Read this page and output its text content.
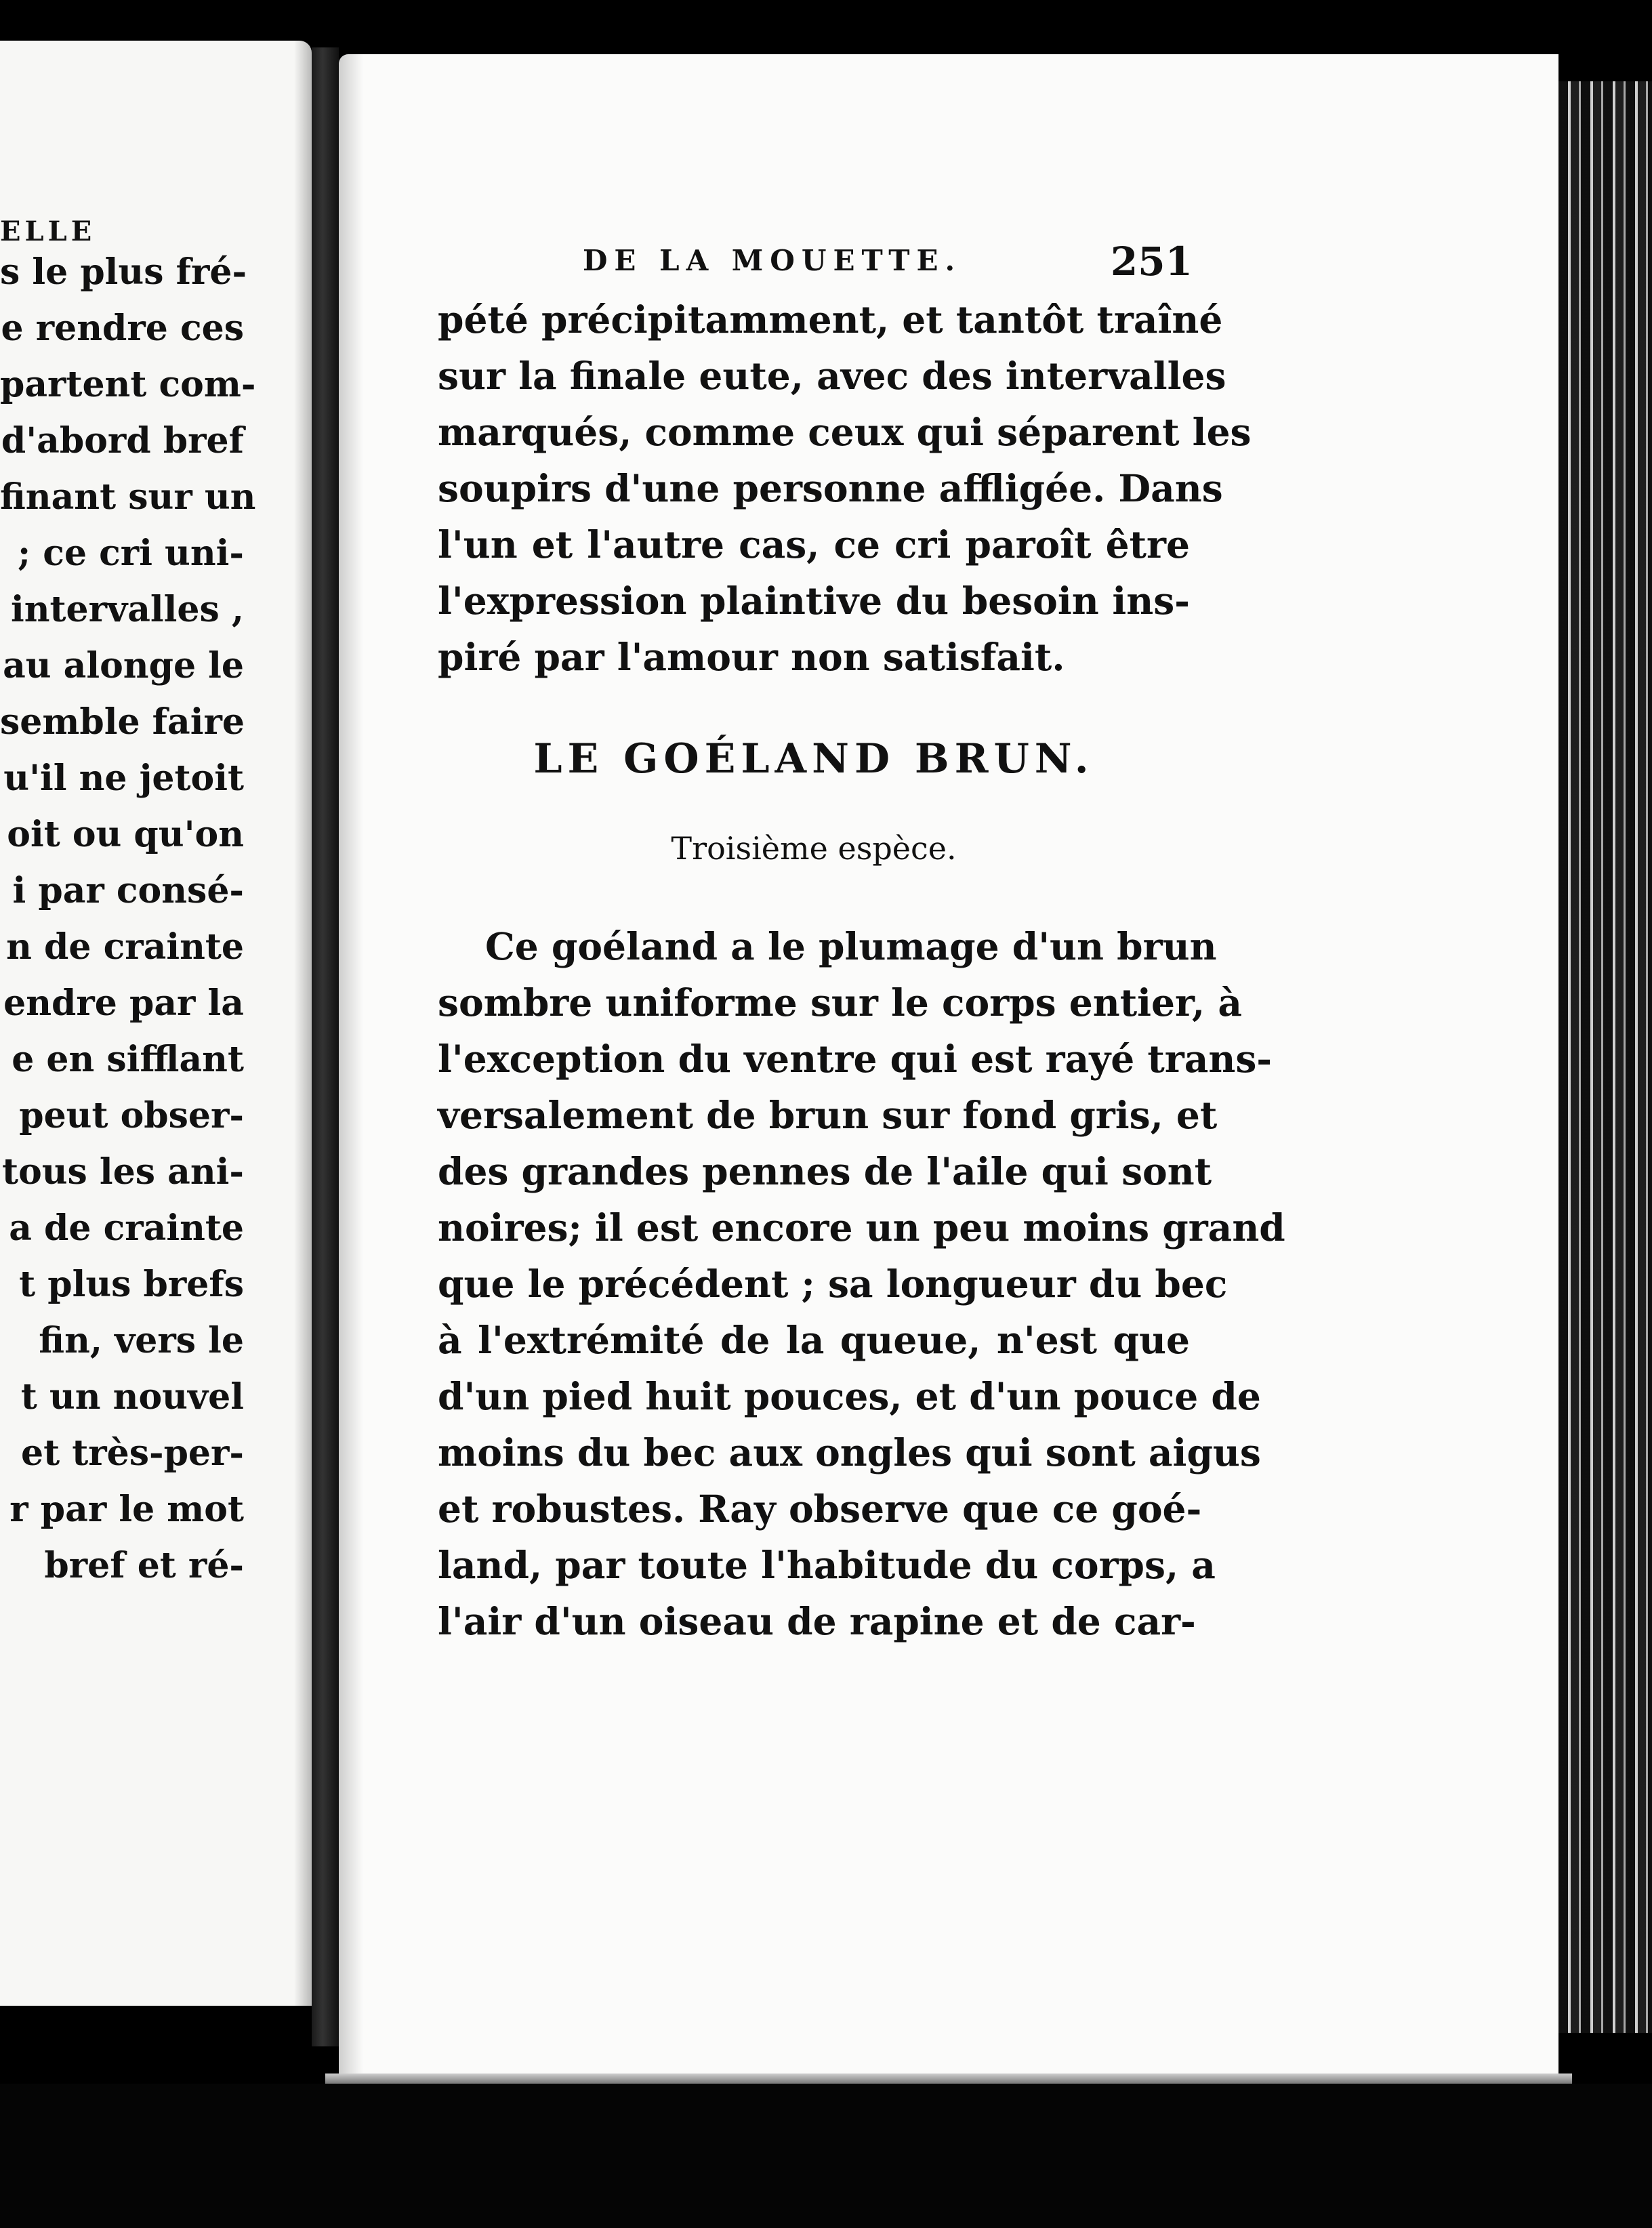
ELLE
s le plus fré-
e rendre ces
partent com-
d'abord bref
finant sur un
; ce cri uni-
intervalles ,
au alonge le
semble faire
u'il ne jetoit
oit ou qu'on
i par consé-
n de crainte
endre par la
e en sifflant
peut obser-
tous les ani-
a de crainte
t plus brefs
fin, vers le
t un nouvel
et très-per-
r par le mot
bref et ré-
DE LA MOUETTE.	251
pété précipitamment, et tantôt traîné
sur la finale eute, avec des intervalles
marqués, comme ceux qui séparent les
soupirs d'une personne affligée. Dans
l'un et l'autre cas, ce cri paroît être
l'expression plaintive du besoin ins-
piré par l'amour non satisfait.
LE GOÉLAND BRUN.
Troisième espèce.
Ce goéland a le plumage d'un brun
sombre uniforme sur le corps entier, à
l'exception du ventre qui est rayé trans-
versalement de brun sur fond gris, et
des grandes pennes de l'aile qui sont
noires; il est encore un peu moins grand
que le précédent ; sa longueur du bec
à l'extrémité de la queue, n'est que
d'un pied huit pouces, et d'un pouce de
moins du bec aux ongles qui sont aigus
et robustes. Ray observe que ce goé-
land, par toute l'habitude du corps, a
l'air d'un oiseau de rapine et de car-
